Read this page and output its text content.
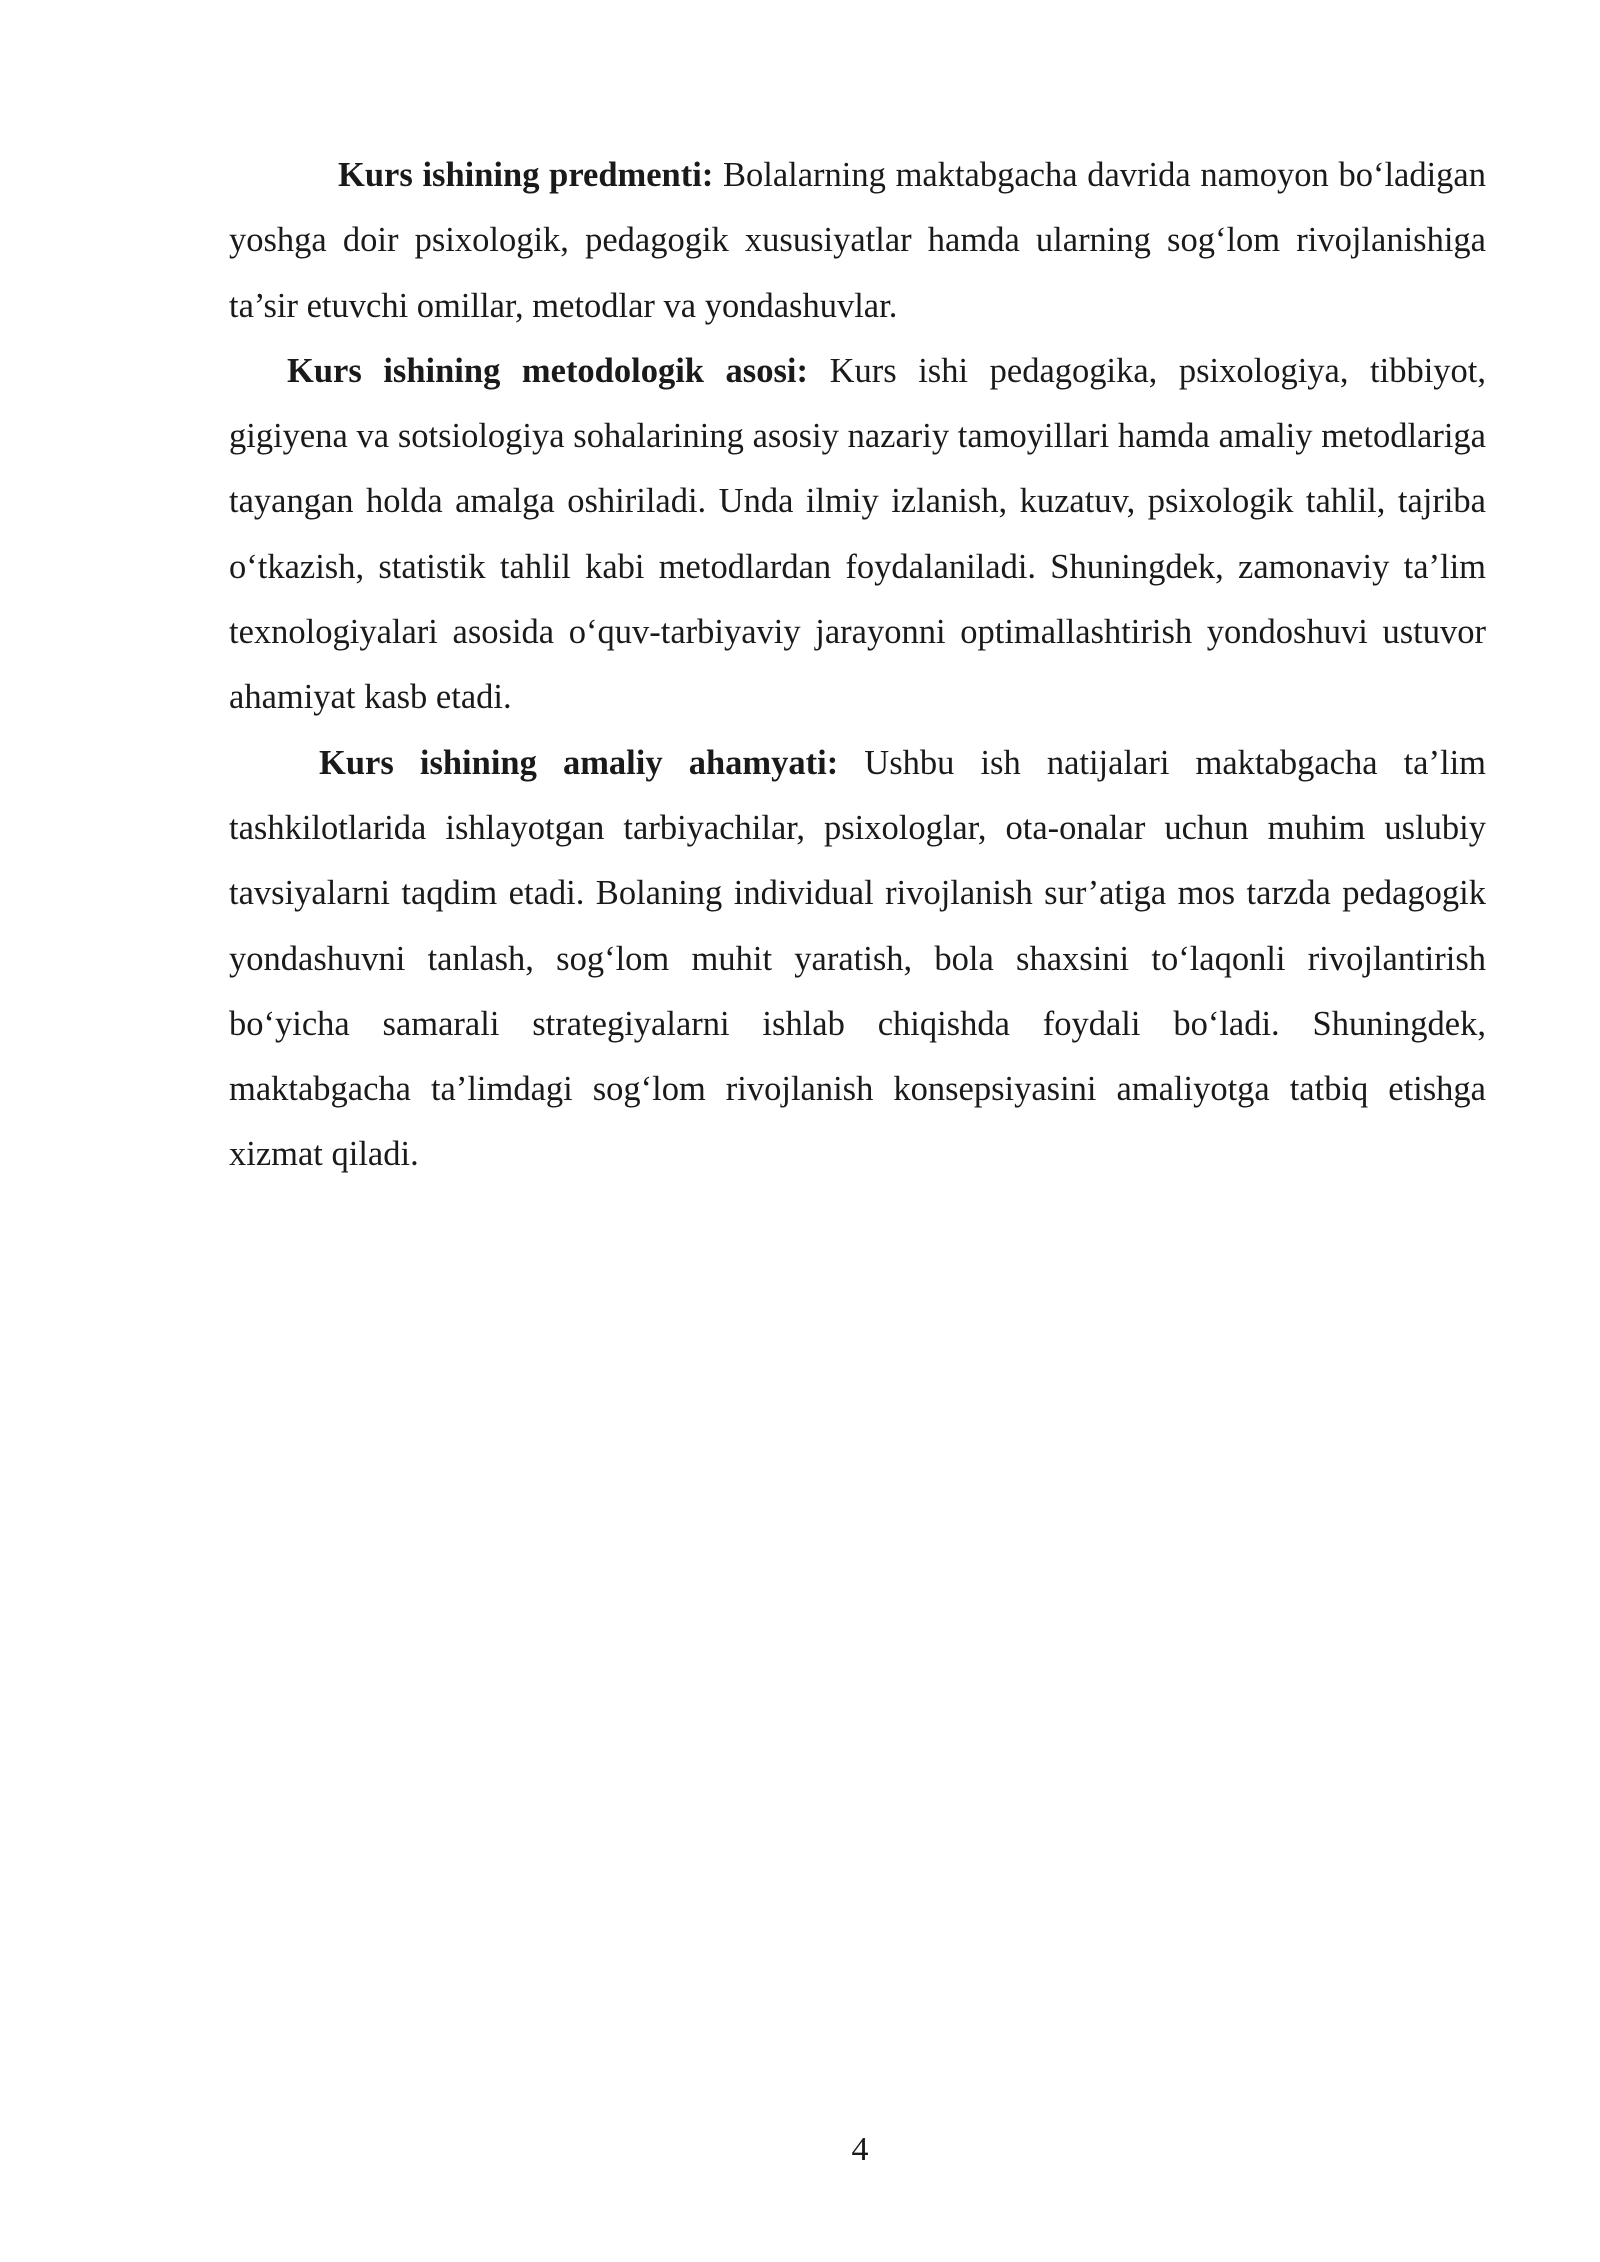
Kurs ishining predmenti: Bolalarning maktabgacha davrida namoyon boʻladigan yoshga doir psixologik, pedagogik xususiyatlar hamda ularning sogʻlom rivojlanishiga ta’sir etuvchi omillar, metodlar va yondashuvlar.

Kurs ishining metodologik asosi: Kurs ishi pedagogika, psixologiya, tibbiyot, gigiyena va sotsiologiya sohalarining asosiy nazariy tamoyillari hamda amaliy metodlariga tayangan holda amalga oshiriladi. Unda ilmiy izlanish, kuzatuv, psixologik tahlil, tajriba oʻtkazish, statistik tahlil kabi metodlardan foydalaniladi. Shuningdek, zamonaviy ta’lim texnologiyalari asosida oʻquv-tarbiyaviy jarayonni optimallashtirish yondoshuvi ustuvor ahamiyat kasb etadi.

Kurs ishining amaliy ahamyati: Ushbu ish natijalari maktabgacha ta’lim tashkilotlarida ishlayotgan tarbiyachilar, psixologlar, ota-onalar uchun muhim uslubiy tavsiyalarni taqdim etadi. Bolaning individual rivojlanish sur’atiga mos tarzda pedagogik yondashuvni tanlash, sogʻlom muhit yaratish, bola shaxsini toʻlaqonli rivojlantirish boʻyicha samarali strategiyalarni ishlab chiqishda foydali boʻladi. Shuningdek, maktabgacha ta’limdagi sogʻlom rivojlanish konsepsiyasini amaliyotga tatbiq etishga xizmat qiladi.

4
